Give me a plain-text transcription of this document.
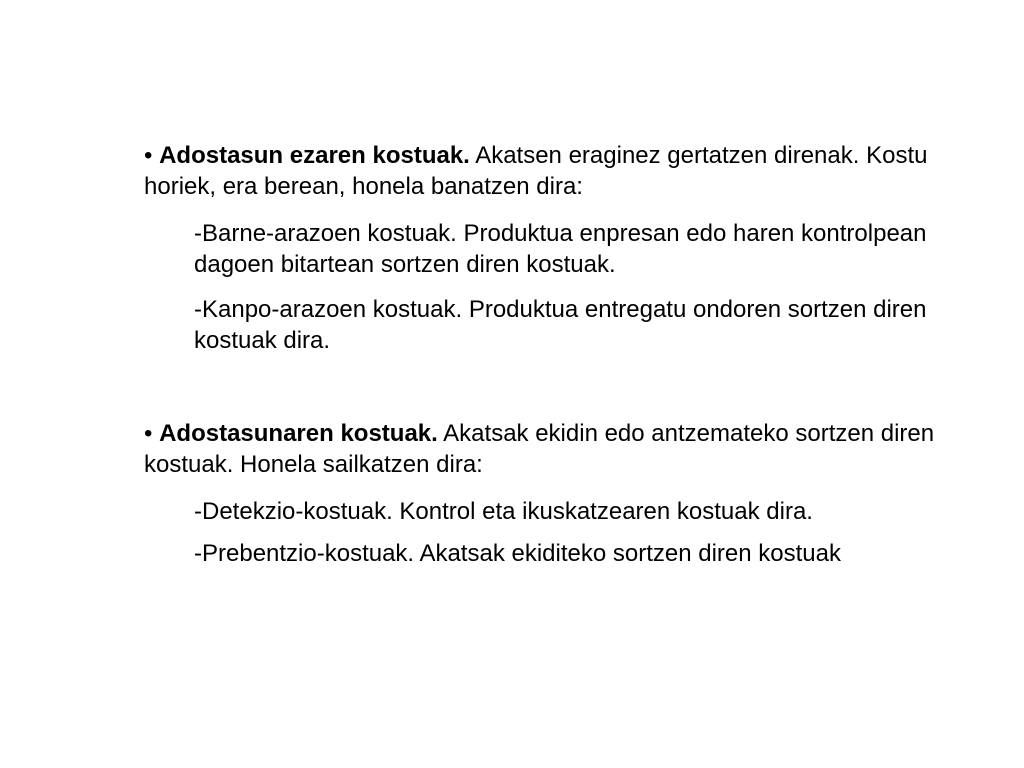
• Adostasun ezaren kostuak. Akatsen eraginez gertatzen direnak. Kostu horiek, era berean, honela banatzen dira:

-Barne-arazoen kostuak. Produktua enpresan edo haren kontrolpean dagoen bitartean sortzen diren kostuak.

-Kanpo-arazoen kostuak. Produktua entregatu ondoren sortzen diren kostuak dira.

• Adostasunaren kostuak. Akatsak ekidin edo antzemateko sortzen diren kostuak. Honela sailkatzen dira:

-Detekzio-kostuak. Kontrol eta ikuskatzearen kostuak dira.

-Prebentzio-kostuak. Akatsak ekiditeko sortzen diren kostuak
